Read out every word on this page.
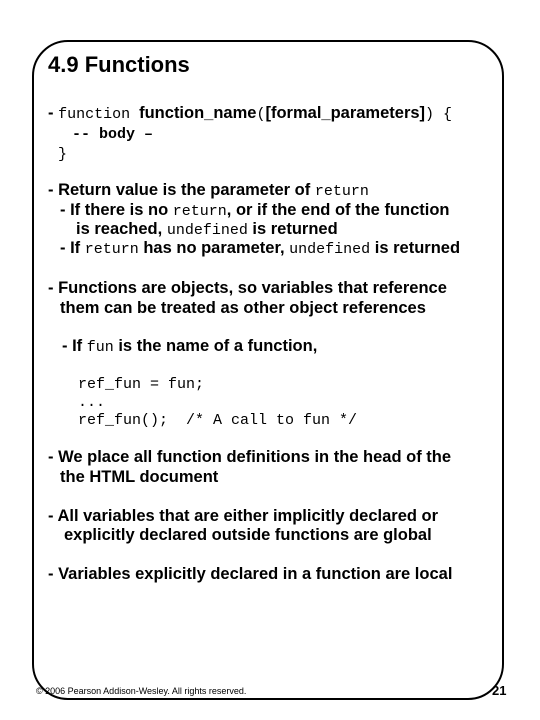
4.9 Functions
- function function_name([formal_parameters]) {
-- body –
}
- Return value is the parameter of return
- If there is no return, or if the end of the function
is reached, undefined is returned
- If return has no parameter, undefined is returned
- Functions are objects, so variables that reference
them can be treated as other object references
- If fun is the name of a function,
ref_fun = fun;
...
ref_fun();  /* A call to fun */
- We place all function definitions in the head of the
the HTML document
- All variables that are either implicitly declared or
explicitly declared outside functions are global
- Variables explicitly declared in a function are local
© 2006 Pearson Addison-Wesley. All rights reserved.	21
